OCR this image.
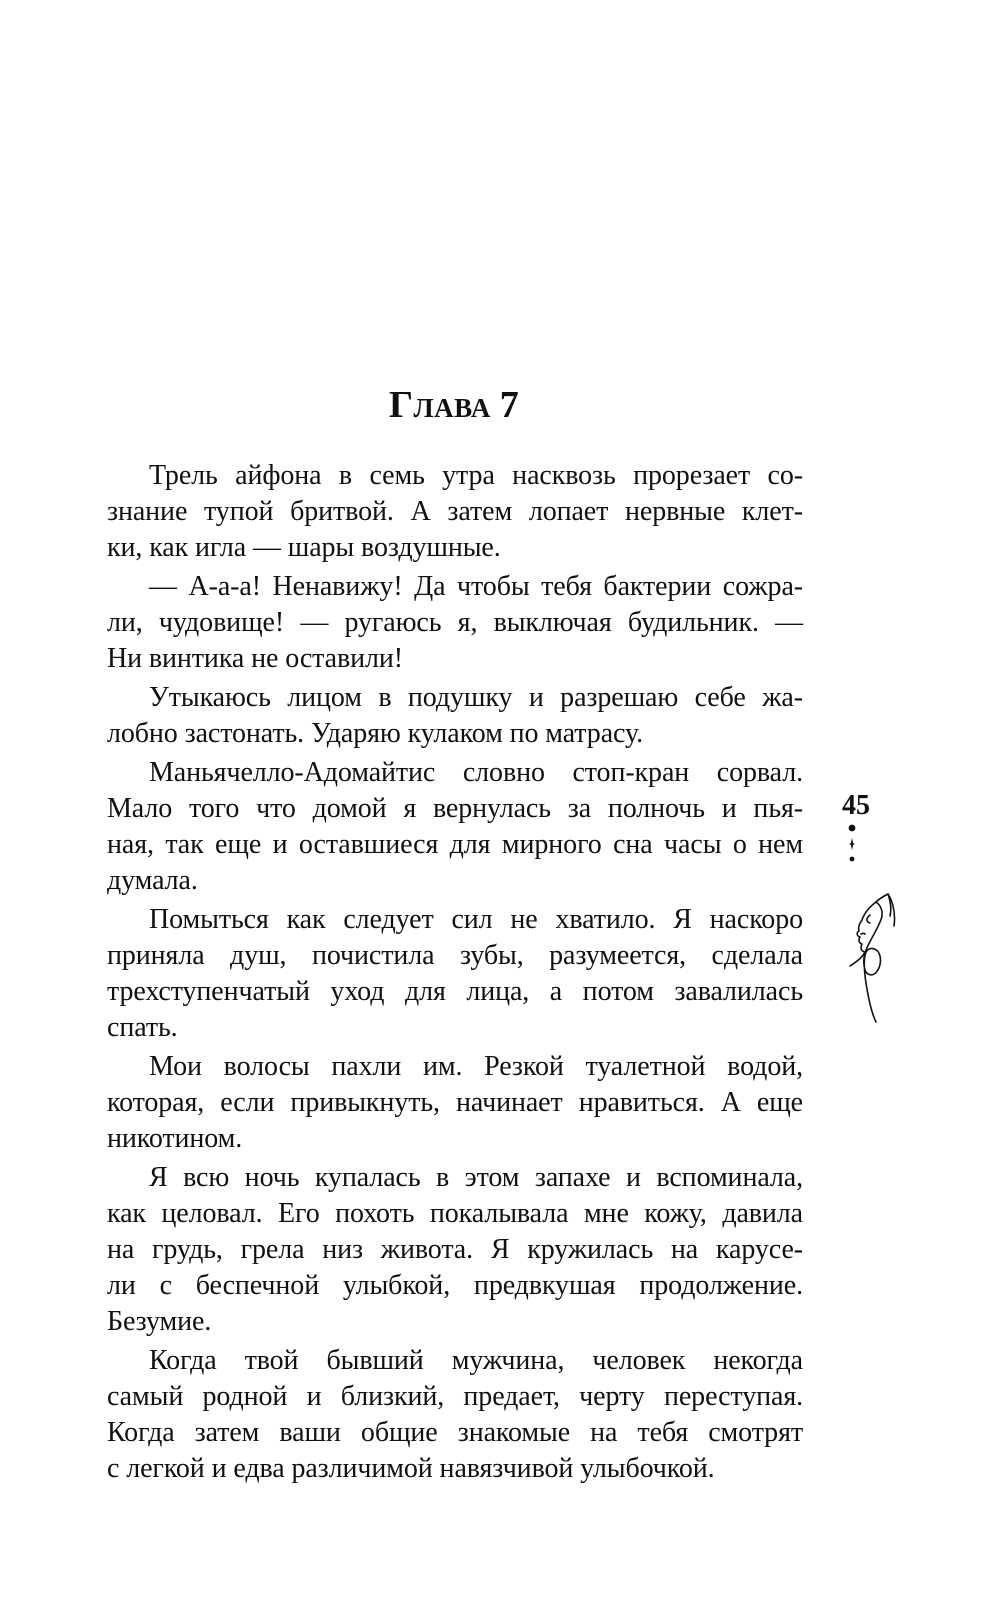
ГЛАВА 7
Трель айфона в семь утра насквозь прорезает со-
знание тупой бритвой. А затем лопает нервные клет-
ки, как игла — шары воздушные.
— А-а-а! Ненавижу! Да чтобы тебя бактерии сожра-
ли, чудовище! — ругаюсь я, выключая будильник. —
Ни винтика не оставили!
Утыкаюсь лицом в подушку и разрешаю себе жа-
лобно застонать. Ударяю кулаком по матрасу.
Маньячелло-Адомайтис словно стоп-кран сорвал.
Мало того что домой я вернулась за полночь и пья-
ная, так еще и оставшиеся для мирного сна часы о нем
думала.
Помыться как следует сил не хватило. Я наскоро
приняла душ, почистила зубы, разумеется, сделала
трехступенчатый уход для лица, а потом завалилась
спать.
Мои волосы пахли им. Резкой туалетной водой,
которая, если привыкнуть, начинает нравиться. А еще
никотином.
Я всю ночь купалась в этом запахе и вспоминала,
как целовал. Его похоть покалывала мне кожу, давила
на грудь, грела низ живота. Я кружилась на карусе-
ли с беспечной улыбкой, предвкушая продолжение.
Безумие.
Когда твой бывший мужчина, человек некогда
самый родной и близкий, предает, черту переступая.
Когда затем ваши общие знакомые на тебя смотрят
с легкой и едва различимой навязчивой улыбочкой.
45
